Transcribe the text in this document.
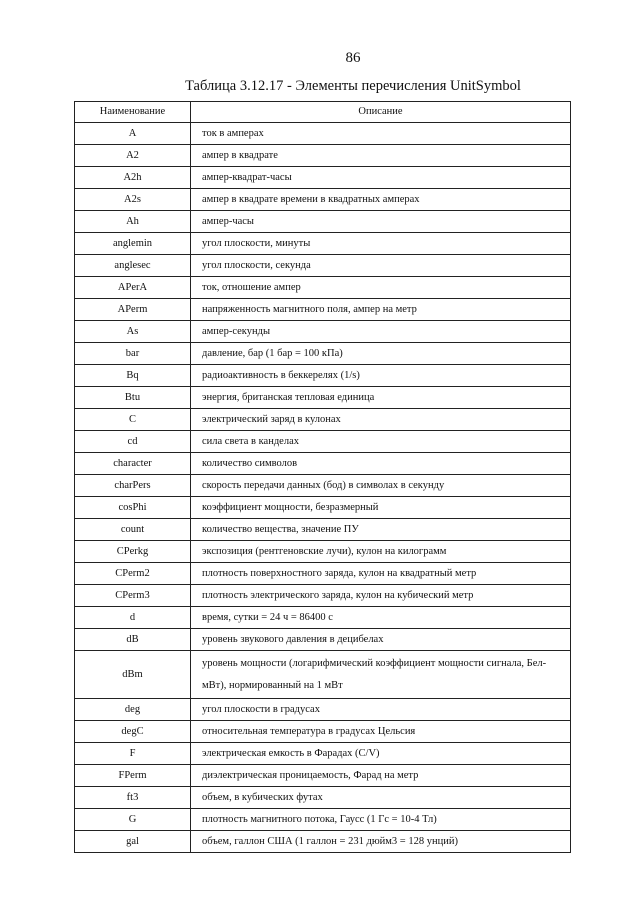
86
Таблица 3.12.17 - Элементы перечисления UnitSymbol
Наименование	Описание
A	ток в амперах
A2	ампер в квадрате
A2h	ампер-квадрат-часы
A2s	ампер в квадрате времени в квадратных амперах
Ah	ампер-часы
anglemin	угол плоскости, минуты
anglesec	угол плоскости, секунда
APerA	ток, отношение ампер
APerm	напряженность магнитного поля, ампер на метр
As	ампер-секунды
bar	давление, бар (1 бар = 100 кПа)
Bq	радиоактивность в беккерелях (1/s)
Btu	энергия, британская тепловая единица
C	электрический заряд в кулонах
cd	сила света в канделах
character	количество символов
charPers	скорость передачи данных (бод) в символах в секунду
cosPhi	коэффициент мощности, безразмерный
count	количество вещества, значение ПУ
CPerkg	экспозиция (рентгеновские лучи), кулон на килограмм
CPerm2	плотность поверхностного заряда, кулон на квадратный метр
CPerm3	плотность электрического заряда, кулон на кубический метр
d	время, сутки = 24 ч = 86400 с
dB	уровень звукового давления в децибелах
dBm	уровень мощности (логарифмический коэффициент мощности сигнала, Бел-мВт), нормированный на 1 мВт
deg	угол плоскости в градусах
degC	относительная температура в градусах Цельсия
F	электрическая емкость в Фарадах (C/V)
FPerm	диэлектрическая проницаемость, Фарад на метр
ft3	объем, в кубических футах
G	плотность магнитного потока, Гаусс (1 Гс = 10-4 Тл)
gal	объем, галлон США (1 галлон = 231 дюйм3 = 128 унций)
